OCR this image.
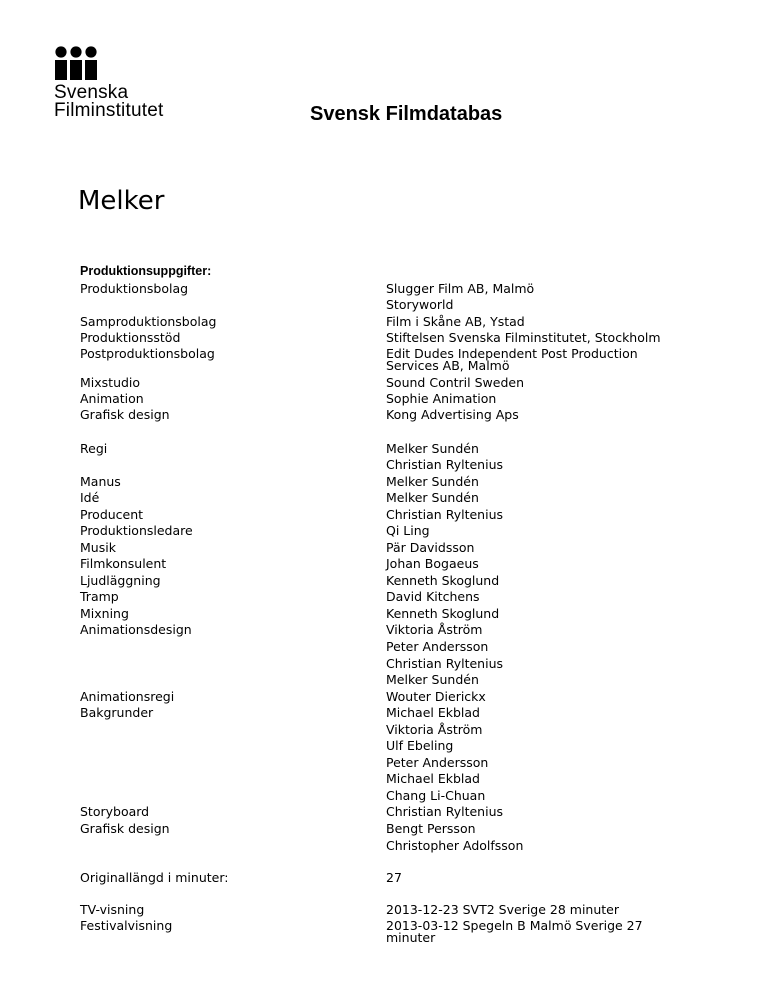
Svenska
Filminstitutet	Svensk Filmdatabas
Melker
Produktionsuppgifter:
Produktionsbolag	Slugger Film AB, Malmö
Storyworld
Samproduktionsbolag	Film i Skåne AB, Ystad
Produktionsstöd	Stiftelsen Svenska Filminstitutet, Stockholm
Postproduktionsbolag	Edit Dudes Independent Post Production Services AB, Malmö
Mixstudio	Sound Contril Sweden
Animation	Sophie Animation
Grafisk design	Kong Advertising Aps
Regi	Melker Sundén
Christian Ryltenius
Manus	Melker Sundén
Idé	Melker Sundén
Producent	Christian Ryltenius
Produktionsledare	Qi Ling
Musik	Pär Davidsson
Filmkonsulent	Johan Bogaeus
Ljudläggning	Kenneth Skoglund
Tramp	David Kitchens
Mixning	Kenneth Skoglund
Animationsdesign	Viktoria Åström
Peter Andersson
Christian Ryltenius
Melker Sundén
Animationsregi	Wouter Dierickx
Bakgrunder	Michael Ekblad
Viktoria Åström
Ulf Ebeling
Peter Andersson
Michael Ekblad
Chang Li-Chuan
Storyboard	Christian Ryltenius
Grafisk design	Bengt Persson
Christopher Adolfsson
Originallängd i minuter:	27
TV-visning	2013-12-23 SVT2 Sverige 28 minuter
Festivalvisning	2013-03-12 Spegeln B Malmö Sverige 27 minuter
